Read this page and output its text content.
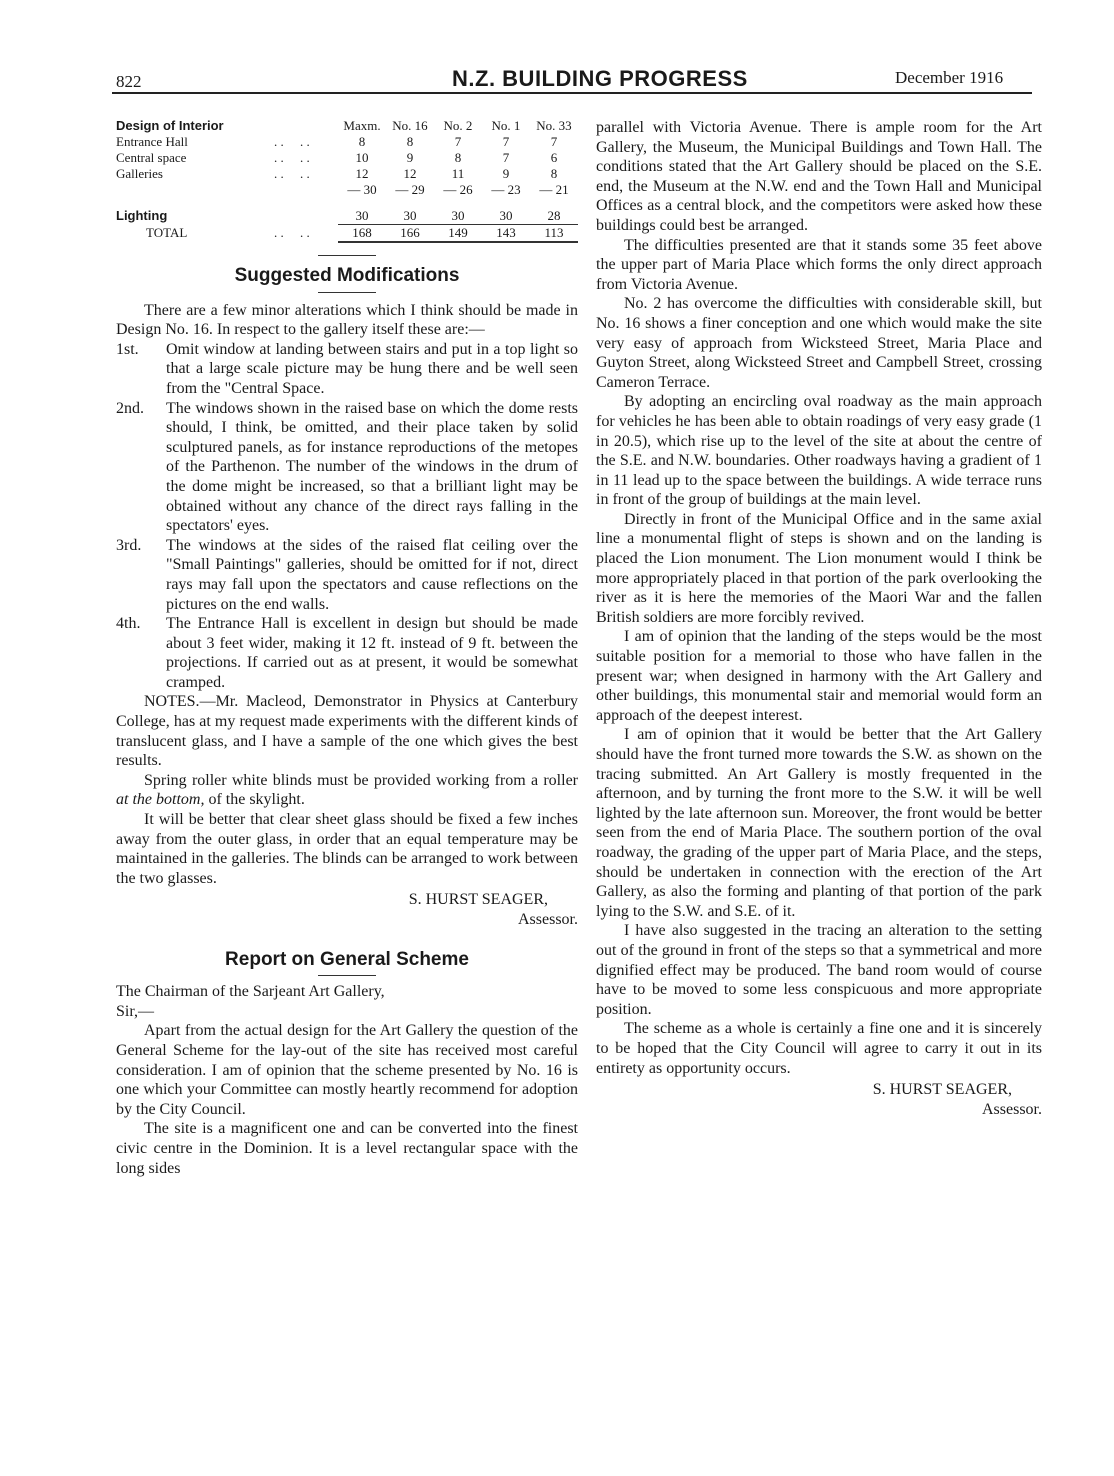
822	N.Z. BUILDING PROGRESS	December 1916
Design of Interior		Maxm.	No. 16	No. 2	No. 1	No. 33
Entrance Hall	. .     . .	8	8	7	7	7
Central space	. .     . .	10	9	8	7	6
Galleries	. .     . .	12	12	11	9	8
		— 30	— 29	— 26	— 23	— 21

Lighting		30	30	30	30	28
TOTAL	. .     . .	168	166	149	143	113
Suggested Modifications

There are a few minor alterations which I think should be made in Design No. 16. In respect to the gallery itself these are:—

1st.	Omit window at landing between stairs and put in a top light so that a large scale picture may be hung there and be well seen from the "Central Space.
2nd.	The windows shown in the raised base on which the dome rests should, I think, be omitted, and their place taken by solid sculptured panels, as for instance reproductions of the metopes of the Parthenon. The number of the windows in the drum of the dome might be increased, so that a brilliant light may be obtained without any chance of the direct rays falling in the spectators' eyes.
3rd.	The windows at the sides of the raised flat ceiling over the "Small Paintings" galleries, should be omitted for if not, direct rays may fall upon the spectators and cause reflections on the pictures on the end walls.
4th.	The Entrance Hall is excellent in design but should be made about 3 feet wider, making it 12 ft. instead of 9 ft. between the projections. If carried out as at present, it would be somewhat cramped.

NOTES.—Mr. Macleod, Demonstrator in Physics at Canterbury College, has at my request made experiments with the different kinds of translucent glass, and I have a sample of the one which gives the best results.

Spring roller white blinds must be provided working from a roller at the bottom, of the skylight.

It will be better that clear sheet glass should be fixed a few inches away from the outer glass, in order that an equal temperature may be maintained in the galleries. The blinds can be arranged to work between the two glasses.

S. HURST SEAGER,
Assessor.
Report on General Scheme

The Chairman of the Sarjeant Art Gallery,

Sir,—

Apart from the actual design for the Art Gallery the question of the General Scheme for the lay-out of the site has received most careful consideration. I am of opinion that the scheme presented by No. 16 is one which your Committee can mostly heartly recommend for adoption by the City Council.

The site is a magnificent one and can be converted into the finest civic centre in the Dominion. It is a level rectangular space with the long sides

parallel with Victoria Avenue. There is ample room for the Art Gallery, the Museum, the Municipal Buildings and Town Hall. The conditions stated that the Art Gallery should be placed on the S.E. end, the Museum at the N.W. end and the Town Hall and Municipal Offices as a central block, and the competitors were asked how these buildings could best be arranged.

The difficulties presented are that it stands some 35 feet above the upper part of Maria Place which forms the only direct approach from Victoria Avenue.

No. 2 has overcome the difficulties with considerable skill, but No. 16 shows a finer conception and one which would make the site very easy of approach from Wicksteed Street, Maria Place and Guyton Street, along Wicksteed Street and Campbell Street, crossing Cameron Terrace.

By adopting an encircling oval roadway as the main approach for vehicles he has been able to obtain roadings of very easy grade (1 in 20.5), which rise up to the level of the site at about the centre of the S.E. and N.W. boundaries. Other roadways having a gradient of 1 in 11 lead up to the space between the buildings. A wide terrace runs in front of the group of buildings at the main level.

Directly in front of the Municipal Office and in the same axial line a monumental flight of steps is shown and on the landing is placed the Lion monument. The Lion monument would I think be more appropriately placed in that portion of the park overlooking the river as it is here the memories of the Maori War and the fallen British soldiers are more forcibly revived.

I am of opinion that the landing of the steps would be the most suitable position for a memorial to those who have fallen in the present war; when designed in harmony with the Art Gallery and other buildings, this monumental stair and memorial would form an approach of the deepest interest.

I am of opinion that it would be better that the Art Gallery should have the front turned more towards the S.W. as shown on the tracing submitted. An Art Gallery is mostly frequented in the afternoon, and by turning the front more to the S.W. it will be well lighted by the late afternoon sun. Moreover, the front would be better seen from the end of Maria Place. The southern portion of the oval roadway, the grading of the upper part of Maria Place, and the steps, should be undertaken in connection with the erection of the Art Gallery, as also the forming and planting of that portion of the park lying to the S.W. and S.E. of it.

I have also suggested in the tracing an alteration to the setting out of the ground in front of the steps so that a symmetrical and more dignified effect may be produced. The band room would of course have to be moved to some less conspicuous and more appropriate position.

The scheme as a whole is certainly a fine one and it is sincerely to be hoped that the City Council will agree to carry it out in its entirety as opportunity occurs.

S. HURST SEAGER,
Assessor.
